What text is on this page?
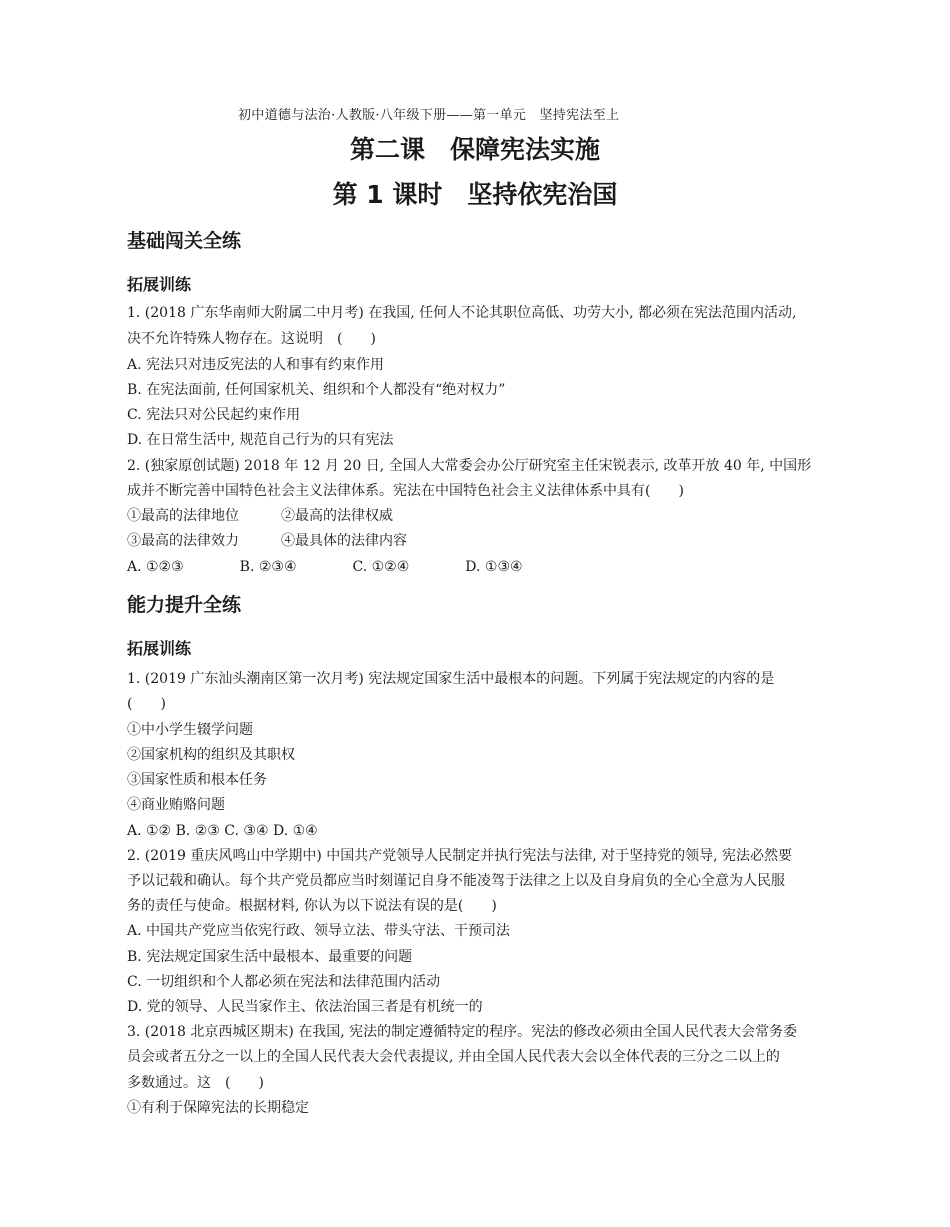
初中道德与法治·人教版·八年级下册——第一单元　坚持宪法至上
第二课　保障宪法实施
第 1 课时　坚持依宪治国
基础闯关全练
拓展训练
1. (2018 广东华南师大附属二中月考) 在我国, 任何人不论其职位高低、功劳大小, 都必须在宪法范围内活动,
决不允许特殊人物存在。这说明　(　　)
A. 宪法只对违反宪法的人和事有约束作用
B. 在宪法面前, 任何国家机关、组织和个人都没有“绝对权力”
C. 宪法只对公民起约束作用
D. 在日常生活中, 规范自己行为的只有宪法
2. (独家原创试题) 2018 年 12 月 20 日, 全国人大常委会办公厅研究室主任宋锐表示, 改革开放 40 年, 中国形
成并不断完善中国特色社会主义法律体系。宪法在中国特色社会主义法律体系中具有(　　)
①最高的法律地位　　　②最高的法律权威
③最高的法律效力　　　④最具体的法律内容
A. ①②③　　　　B. ②③④　　　　C. ①②④　　　　D. ①③④
能力提升全练
拓展训练
1. (2019 广东汕头潮南区第一次月考) 宪法规定国家生活中最根本的问题。下列属于宪法规定的内容的是
(　　)
①中小学生辍学问题
②国家机构的组织及其职权
③国家性质和根本任务
④商业贿赂问题
A. ①② B. ②③ C. ③④ D. ①④
2. (2019 重庆风鸣山中学期中) 中国共产党领导人民制定并执行宪法与法律, 对于坚持党的领导, 宪法必然要
予以记载和确认。每个共产党员都应当时刻谨记自身不能凌驾于法律之上以及自身肩负的全心全意为人民服
务的责任与使命。根据材料, 你认为以下说法有误的是(　　)
A. 中国共产党应当依宪行政、领导立法、带头守法、干预司法
B. 宪法规定国家生活中最根本、最重要的问题
C. 一切组织和个人都必须在宪法和法律范围内活动
D. 党的领导、人民当家作主、依法治国三者是有机统一的
3. (2018 北京西城区期末) 在我国, 宪法的制定遵循特定的程序。宪法的修改必须由全国人民代表大会常务委
员会或者五分之一以上的全国人民代表大会代表提议, 并由全国人民代表大会以全体代表的三分之二以上的
多数通过。这　(　　)
①有利于保障宪法的长期稳定
